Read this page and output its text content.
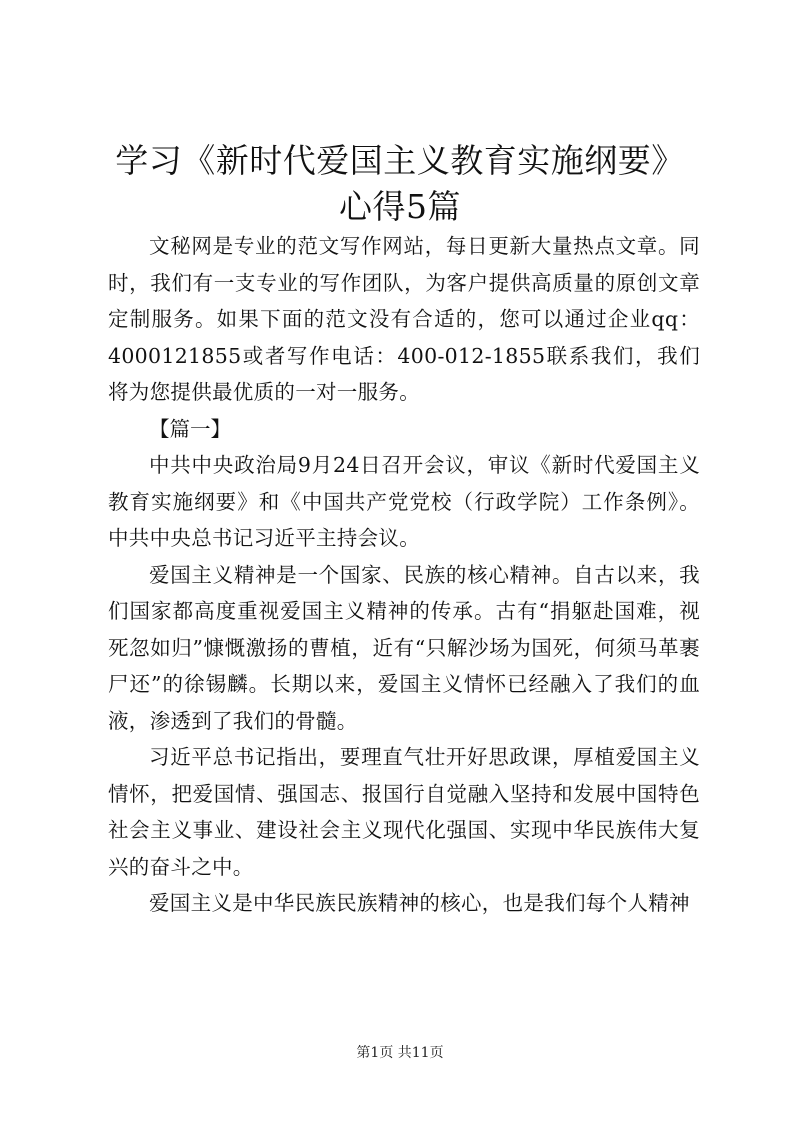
学习《新时代爱国主义教育实施纲要》心得5篇

文秘网是专业的范文写作网站，每日更新大量热点文章。同时，我们有一支专业的写作团队，为客户提供高质量的原创文章定制服务。如果下面的范文没有合适的，您可以通过企业qq：4000121855或者写作电话：400-012-1855联系我们，我们将为您提供最优质的一对一服务。

【篇一】

中共中央政治局9月24日召开会议，审议《新时代爱国主义教育实施纲要》和《中国共产党党校（行政学院）工作条例》。中共中央总书记习近平主持会议。

爱国主义精神是一个国家、民族的核心精神。自古以来，我们国家都高度重视爱国主义精神的传承。古有“捐躯赴国难，视死忽如归”慷慨激扬的曹植，近有“只解沙场为国死，何须马革裹尸还”的徐锡麟。长期以来，爱国主义情怀已经融入了我们的血液，渗透到了我们的骨髓。

习近平总书记指出，要理直气壮开好思政课，厚植爱国主义情怀，把爱国情、强国志、报国行自觉融入坚持和发展中国特色社会主义事业、建设社会主义现代化强国、实现中华民族伟大复兴的奋斗之中。

爱国主义是中华民族民族精神的核心，也是我们每个人精神

第1页 共11页
